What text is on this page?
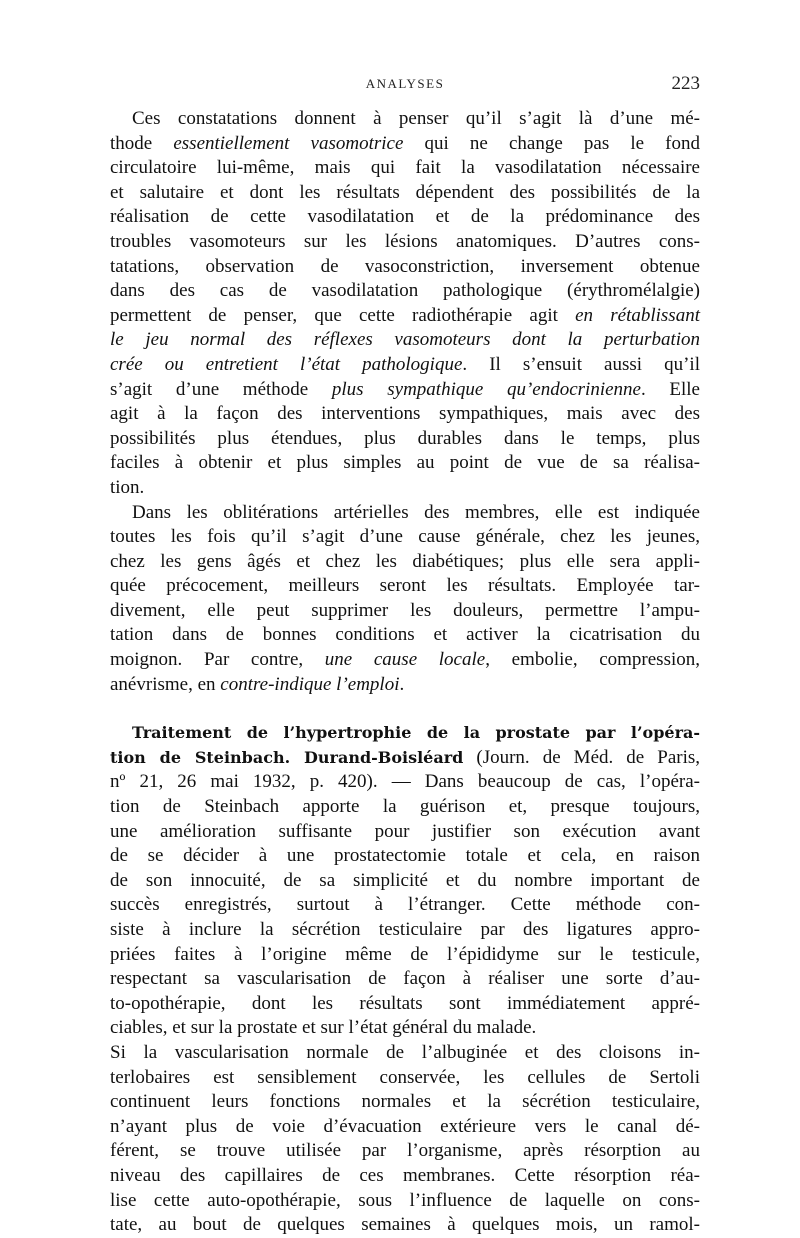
ANALYSES	223
Ces constatations donnent à penser qu’il s’agit là d’une mé-
thode essentiellement vasomotrice qui ne change pas le fond
circulatoire lui-même, mais qui fait la vasodilatation nécessaire
et salutaire et dont les résultats dépendent des possibilités de la
réalisation de cette vasodilatation et de la prédominance des
troubles vasomoteurs sur les lésions anatomiques. D’autres cons-
tatations, observation de vasoconstriction, inversement obtenue
dans des cas de vasodilatation pathologique (érythromélalgie)
permettent de penser, que cette radiothérapie agit en rétablissant
le jeu normal des réflexes vasomoteurs dont la perturbation
crée ou entretient l’état pathologique. Il s’ensuit aussi qu’il
s’agit d’une méthode plus sympathique qu’endocrinienne. Elle
agit à la façon des interventions sympathiques, mais avec des
possibilités plus étendues, plus durables dans le temps, plus
faciles à obtenir et plus simples au point de vue de sa réalisa-
tion.
Dans les oblitérations artérielles des membres, elle est indiquée
toutes les fois qu’il s’agit d’une cause générale, chez les jeunes,
chez les gens âgés et chez les diabétiques; plus elle sera appli-
quée précocement, meilleurs seront les résultats. Employée tar-
divement, elle peut supprimer les douleurs, permettre l’ampu-
tation dans de bonnes conditions et activer la cicatrisation du
moignon. Par contre, une cause locale, embolie, compression,
anévrisme, en contre-indique l’emploi.
Traitement de l’hypertrophie de la prostate par l’opéra-
tion de Steinbach. Durand-Boisléard (Journ. de Méd. de Paris,
nº 21, 26 mai 1932, p. 420). — Dans beaucoup de cas, l’opéra-
tion de Steinbach apporte la guérison et, presque toujours,
une amélioration suffisante pour justifier son exécution avant
de se décider à une prostatectomie totale et cela, en raison
de son innocuité, de sa simplicité et du nombre important de
succès enregistrés, surtout à l’étranger. Cette méthode con-
siste à inclure la sécrétion testiculaire par des ligatures appro-
priées faites à l’origine même de l’épididyme sur le testicule,
respectant sa vascularisation de façon à réaliser une sorte d’au-
to-opothérapie, dont les résultats sont immédiatement appré-
ciables, et sur la prostate et sur l’état général du malade.
Si la vascularisation normale de l’albuginée et des cloisons in-
terlobaires est sensiblement conservée, les cellules de Sertoli
continuent leurs fonctions normales et la sécrétion testiculaire,
n’ayant plus de voie d’évacuation extérieure vers le canal dé-
férent, se trouve utilisée par l’organisme, après résorption au
niveau des capillaires de ces membranes. Cette résorption réa-
lise cette auto-opothérapie, sous l’influence de laquelle on cons-
tate, au bout de quelques semaines à quelques mois, un ramol-
